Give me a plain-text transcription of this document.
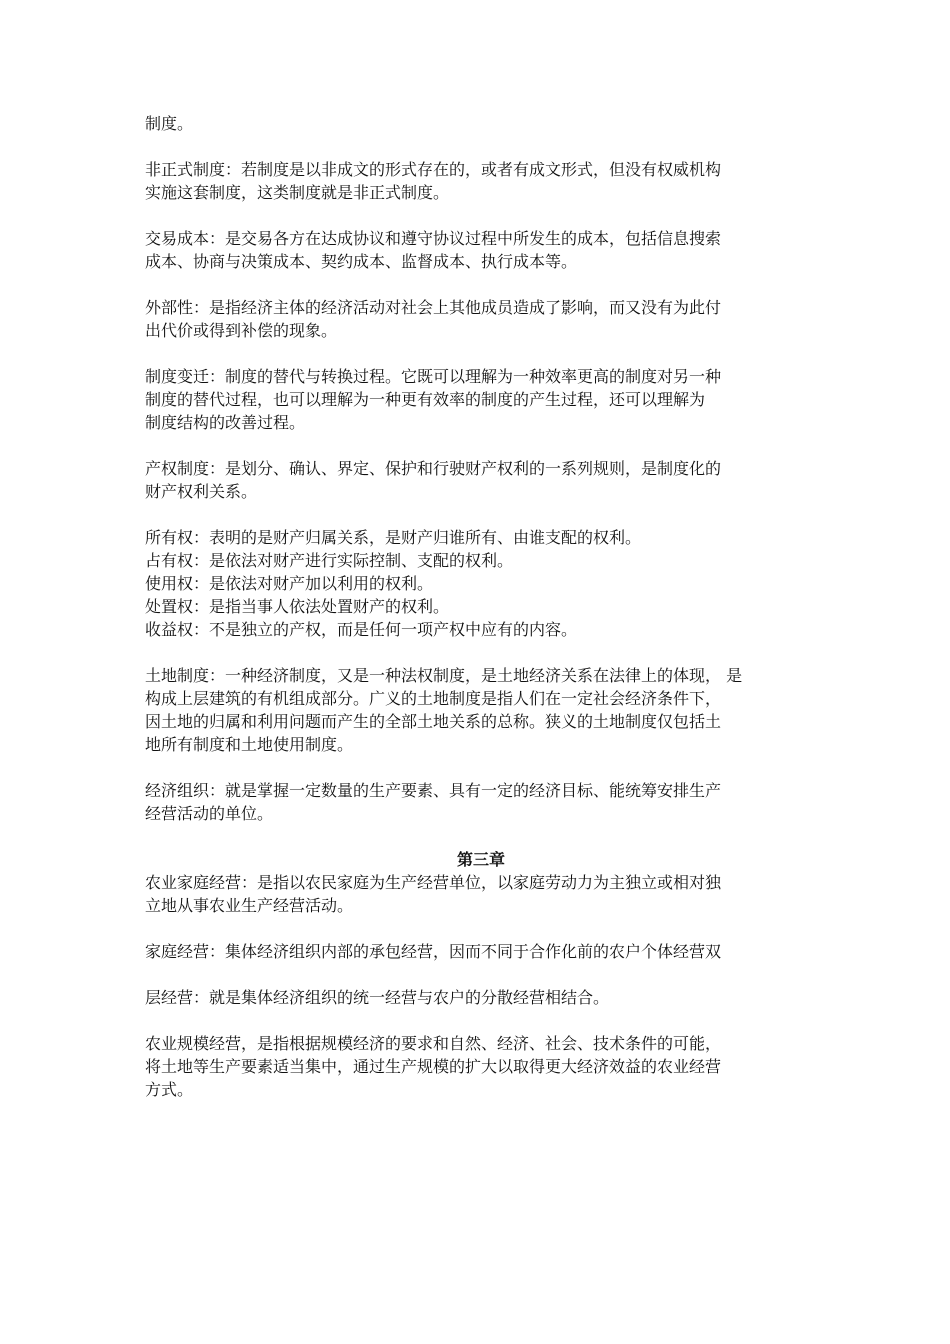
制度。
非正式制度：若制度是以非成文的形式存在的，或者有成文形式，但没有权威机构
实施这套制度，这类制度就是非正式制度。
交易成本：是交易各方在达成协议和遵守协议过程中所发生的成本，包括信息搜索
成本、协商与决策成本、契约成本、监督成本、执行成本等。
外部性：是指经济主体的经济活动对社会上其他成员造成了影响，而又没有为此付
出代价或得到补偿的现象。
制度变迁：制度的替代与转换过程。它既可以理解为一种效率更高的制度对另一种
制度的替代过程，也可以理解为一种更有效率的制度的产生过程，还可以理解为
制度结构的改善过程。
产权制度：是划分、确认、界定、保护和行驶财产权利的一系列规则，是制度化的
财产权利关系。
所有权：表明的是财产归属关系，是财产归谁所有、由谁支配的权利。
占有权：是依法对财产进行实际控制、支配的权利。
使用权：是依法对财产加以利用的权利。
处置权：是指当事人依法处置财产的权利。
收益权：不是独立的产权，而是任何一项产权中应有的内容。
土地制度：一种经济制度，又是一种法权制度，是土地经济关系在法律上的体现， 是
构成上层建筑的有机组成部分。广义的土地制度是指人们在一定社会经济条件下，
因土地的归属和利用问题而产生的全部土地关系的总称。狭义的土地制度仅包括土
地所有制度和土地使用制度。
经济组织：就是掌握一定数量的生产要素、具有一定的经济目标、能统筹安排生产
经营活动的单位。
第三章
农业家庭经营：是指以农民家庭为生产经营单位，以家庭劳动力为主独立或相对独
立地从事农业生产经营活动。
家庭经营：集体经济组织内部的承包经营，因而不同于合作化前的农户个体经营双
层经营：就是集体经济组织的统一经营与农户的分散经营相结合。
农业规模经营，是指根据规模经济的要求和自然、经济、社会、技术条件的可能，
将土地等生产要素适当集中，通过生产规模的扩大以取得更大经济效益的农业经营
方式。
